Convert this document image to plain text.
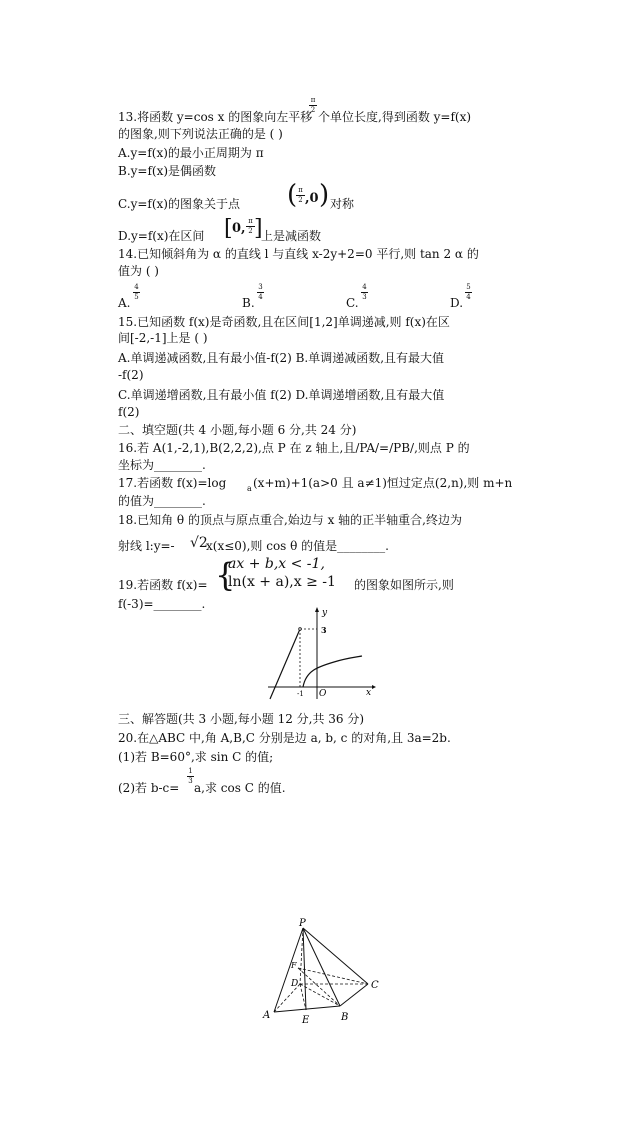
13.将函数 y=cos x 的图象向左平移
π
2 个单位长度,得到函数 y=f(x)
的图象,则下列说法正确的是 ( )
A.y=f(x)的最小正周期为 π
B.y=f(x)是偶函数
C.y=f(x)的图象关于点 ( π
2 ,0 ) 对称
D.y=f(x)在区间 [ 0, π
2 ]
上是减函数
14.已知倾斜角为 α 的直线 l 与直线 x-2y+2=0 平行,则 tan 2 α 的
值为 ( )
A.
4
5	B.
3
4	C.
4
3	D.
5
4
15.已知函数 f(x)是奇函数,且在区间[1,2]单调递减,则 f(x)在区
间[-2,-1]上是 ( )
A.单调递减函数,且有最小值-f(2) B.单调递减函数,且有最大值
-f(2)
C.单调递增函数,且有最小值 f(2) D.单调递增函数,且有最大值
f(2)
二、填空题(共 4 小题,每小题 6 分,共 24 分)
16.若 A(1,-2,1),B(2,2,2),点 P 在 z 轴上,且/PA/=/PB/,则点 P 的
坐标为________.
17.若函数 f(x)=log	a (x+m)+1(a>0 且 a≠1)恒过定点(2,n),则 m+n
的值为________.
18.已知角 θ 的顶点与原点重合,始边与 x 轴的正半轴重合,终边为
射线 l:y=- √2
x(x≤0),则 cos θ 的值是________.
19.若函数 f(x)= {
ax + b,x < -1,
ln(x + a),x ≥ -1 的图象如图所示,则
f(-3)=________.
y
x
O
3
-1
三、解答题(共 3 小题,每小题 12 分,共 36 分)
20.在△ABC 中,角 A,B,C 分别是边 a, b, c 的对角,且 3a=2b.
(1)若 B=60°,求 sin C 的值;
(2)若 b-c=
1
3 a,求 cos C 的值.
P
F
D
A	E	B
C
